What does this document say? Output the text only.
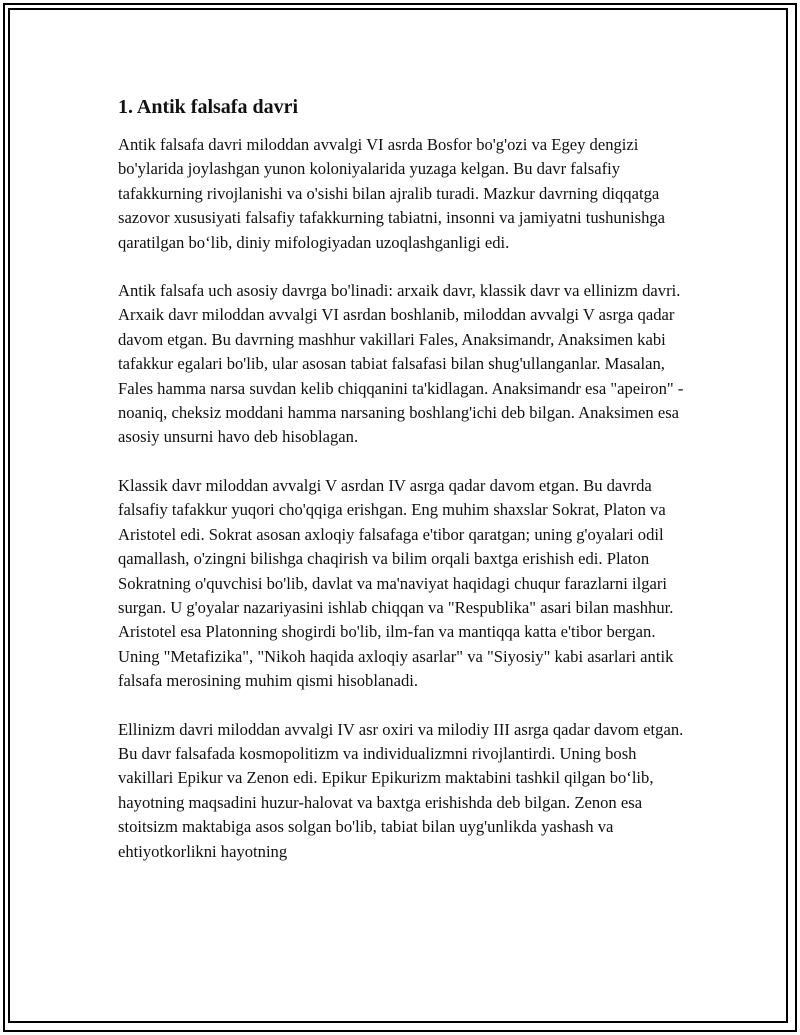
1. Antik falsafa davri

Antik falsafa davri miloddan avvalgi VI asrda Bosfor bo'g'ozi va Egey dengizi bo'ylarida joylashgan yunon koloniyalarida yuzaga kelgan. Bu davr falsafiy tafakkurning rivojlanishi va o'sishi bilan ajralib turadi. Mazkur davrning diqqatga sazovor xususiyati falsafiy tafakkurning tabiatni, insonni va jamiyatni tushunishga qaratilgan bo‘lib, diniy mifologiyadan uzoqlashganligi edi.

Antik falsafa uch asosiy davrga bo'linadi: arxaik davr, klassik davr va ellinizm davri. Arxaik davr miloddan avvalgi VI asrdan boshlanib, miloddan avvalgi V asrga qadar davom etgan. Bu davrning mashhur vakillari Fales, Anaksimandr, Anaksimen kabi tafakkur egalari bo'lib, ular asosan tabiat falsafasi bilan shug'ullanganlar. Masalan, Fales hamma narsa suvdan kelib chiqqanini ta'kidlagan. Anaksimandr esa "apeiron" - noaniq, cheksiz moddani hamma narsaning boshlang'ichi deb bilgan. Anaksimen esa asosiy unsurni havo deb hisoblagan.

Klassik davr miloddan avvalgi V asrdan IV asrga qadar davom etgan. Bu davrda falsafiy tafakkur yuqori cho'qqiga erishgan. Eng muhim shaxslar Sokrat, Platon va Aristotel edi. Sokrat asosan axloqiy falsafaga e'tibor qaratgan; uning g'oyalari odil qamallash, o'zingni bilishga chaqirish va bilim orqali baxtga erishish edi. Platon Sokratning o'quvchisi bo'lib, davlat va ma'naviyat haqidagi chuqur farazlarni ilgari surgan. U g'oyalar nazariyasini ishlab chiqqan va "Respublika" asari bilan mashhur. Aristotel esa Platonning shogirdi bo'lib, ilm-fan va mantiqqa katta e'tibor bergan. Uning "Metafizika", "Nikoh haqida axloqiy asarlar" va "Siyosiy" kabi asarlari antik falsafa merosining muhim qismi hisoblanadi.

Ellinizm davri miloddan avvalgi IV asr oxiri va milodiy III asrga qadar davom etgan. Bu davr falsafada kosmopolitizm va individualizmni rivojlantirdi. Uning bosh vakillari Epikur va Zenon edi. Epikur Epikurizm maktabini tashkil qilgan bo‘lib, hayotning maqsadini huzur-halovat va baxtga erishishda deb bilgan. Zenon esa stoitsizm maktabiga asos solgan bo'lib, tabiat bilan uyg'unlikda yashash va ehtiyotkorlikni hayotning
